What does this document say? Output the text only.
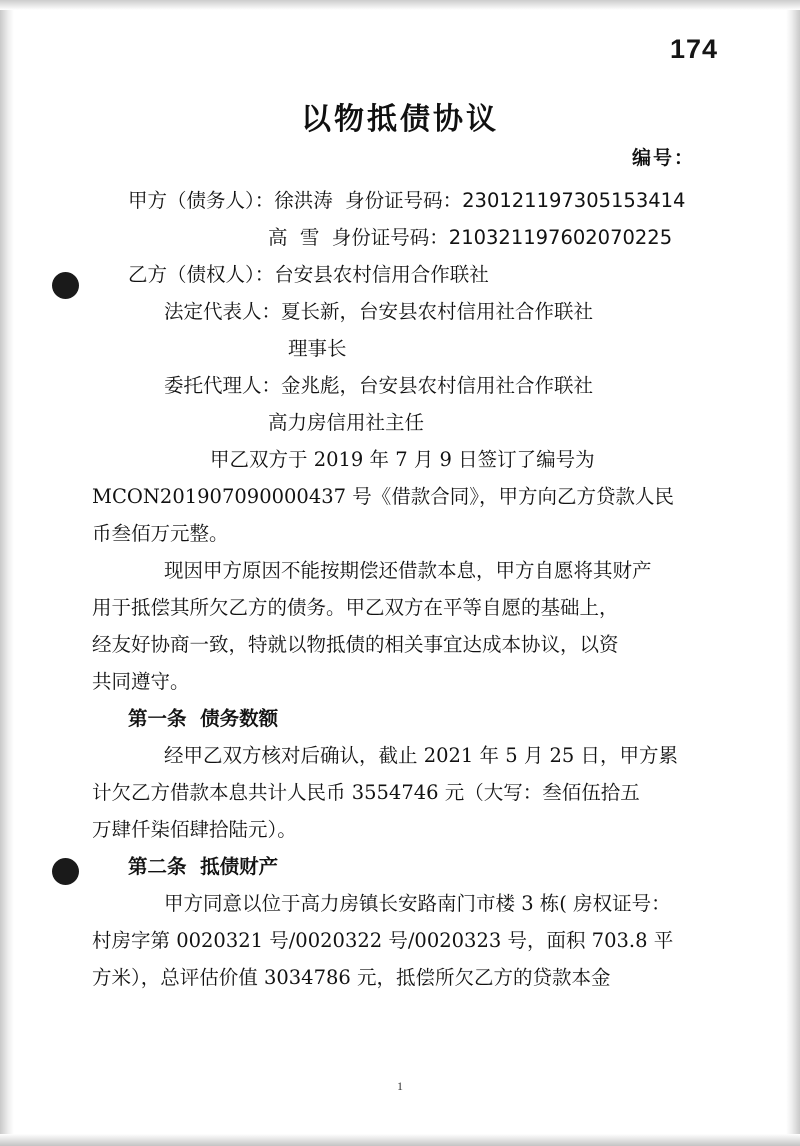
174
以物抵债协议
编号：
甲方（债务人）：徐洪涛  身份证号码：230121197305153414
高  雪  身份证号码：210321197602070225
乙方（债权人）：台安县农村信用合作联社
法定代表人：夏长新，台安县农村信用社合作联社
理事长
委托代理人：金兆彪，台安县农村信用社合作联社
高力房信用社主任
甲乙双方于 2019 年 7 月 9 日签订了编号为
MCON201907090000437 号《借款合同》，甲方向乙方贷款人民
币叁佰万元整。
现因甲方原因不能按期偿还借款本息，甲方自愿将其财产
用于抵偿其所欠乙方的债务。甲乙双方在平等自愿的基础上，
经友好协商一致，特就以物抵债的相关事宜达成本协议，以资
共同遵守。
第一条  债务数额
经甲乙双方核对后确认，截止 2021 年 5 月 25 日，甲方累
计欠乙方借款本息共计人民币 3554746 元（大写：叁佰伍拾五
万肆仟柒佰肆拾陆元）。
第二条  抵债财产
甲方同意以位于高力房镇长安路南门市楼 3 栋( 房权证号：
村房字第 0020321 号/0020322 号/0020323 号，面积 703.8 平
方米），总评估价值 3034786 元，抵偿所欠乙方的贷款本金
1
